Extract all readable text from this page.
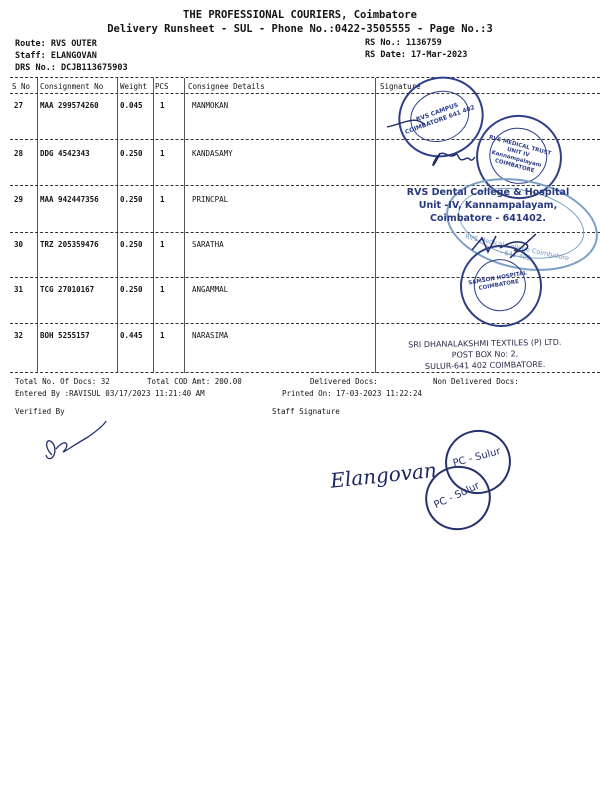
THE PROFESSIONAL COURIERS, Coimbatore
Delivery Runsheet - SUL - Phone No.:0422-3505555 - Page No.:3
Route: RVS OUTER
Staff: ELANGOVAN
DRS No.: DCJB113675903
RS No.: 1136759
RS Date: 17-Mar-2023
S No Consignment No Weight PCS	Consignee Details	Signature
27 MAA 299574260	0.045 1	MANMOKAN
28 DDG 4542343	0.250 1	KANDASAMY
29 MAA 942447356	0.250 1	PRINCPAL
30 TRZ 205359476	0.250 1	SARATHA
31 TCG 27010167	0.250 1	ANGAMMAL
32 BOH 5255157	0.445 1	NARASIMA
Total No. Of Docs: 32	Total COD Amt: 200.00	Delivered Docs:	Non Delivered Docs:
Entered By :RAVISUL 03/17/2023 11:21:40 AM	Printed On: 17-03-2023 11:22:24
Verified By	Staff Signature
RVS CAMPUS COIMBATORE 641 402
RVS MEDICAL TRUST UNIT IV Kannampalayam COIMBATORE
RVS Medical College Coimbatore - 641 402
RVS Dental College & Hospital
Unit -IV, Kannampalayam,
Coimbatore - 641402.
SAMSON HOSPITAL COIMBATORE
SRI DHANALAKSHMI TEXTILES (P) LTD.
POST BOX No: 2,
SULUR-641 402 COIMBATORE.
Elangovan
PC - Sulur
PC - Sulur
